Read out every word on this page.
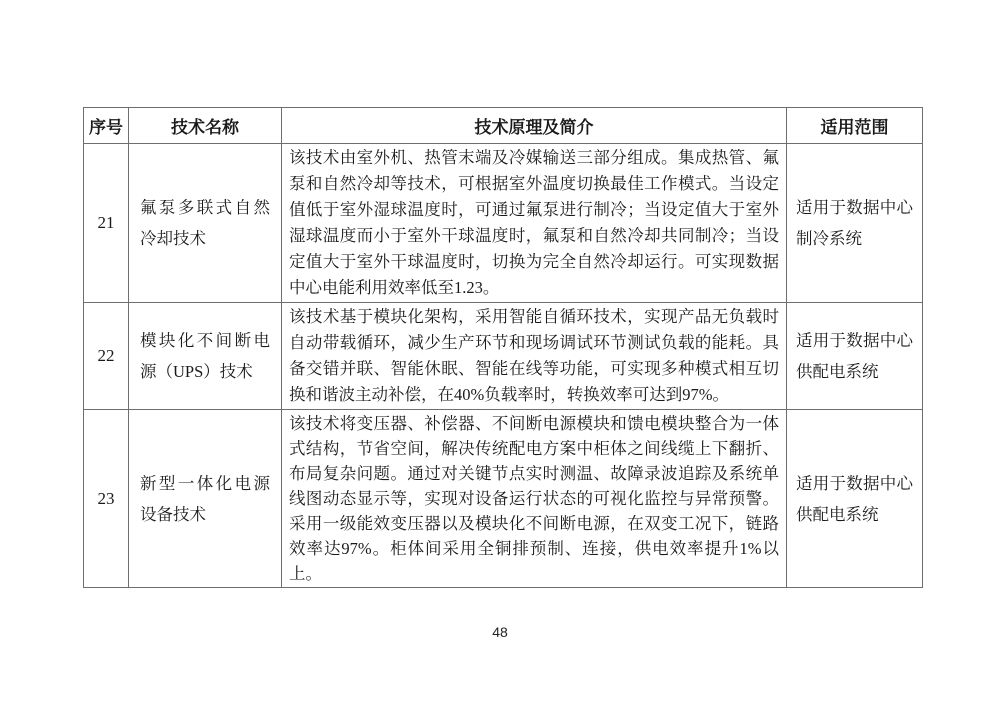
序号	技术名称	技术原理及简介	适用范围
21	氟泵多联式自然冷却技术	该技术由室外机、热管末端及冷媒输送三部分组成。集成热管、氟泵和自然冷却等技术，可根据室外温度切换最佳工作模式。当设定值低于室外湿球温度时，可通过氟泵进行制冷；当设定值大于室外湿球温度而小于室外干球温度时，氟泵和自然冷却共同制冷；当设定值大于室外干球温度时，切换为完全自然冷却运行。可实现数据中心电能利用效率低至1.23。	适用于数据中心制冷系统
22	模块化不间断电源（UPS）技术	该技术基于模块化架构，采用智能自循环技术，实现产品无负载时自动带载循环，减少生产环节和现场调试环节测试负载的能耗。具备交错并联、智能休眠、智能在线等功能，可实现多种模式相互切换和谐波主动补偿，在40%负载率时，转换效率可达到97%。	适用于数据中心供配电系统
23	新型一体化电源设备技术	该技术将变压器、补偿器、不间断电源模块和馈电模块整合为一体式结构，节省空间，解决传统配电方案中柜体之间线缆上下翻折、布局复杂问题。通过对关键节点实时测温、故障录波追踪及系统单线图动态显示等，实现对设备运行状态的可视化监控与异常预警。采用一级能效变压器以及模块化不间断电源，在双变工况下，链路效率达97%。柜体间采用全铜排预制、连接，供电效率提升1%以上。	适用于数据中心供配电系统
48
